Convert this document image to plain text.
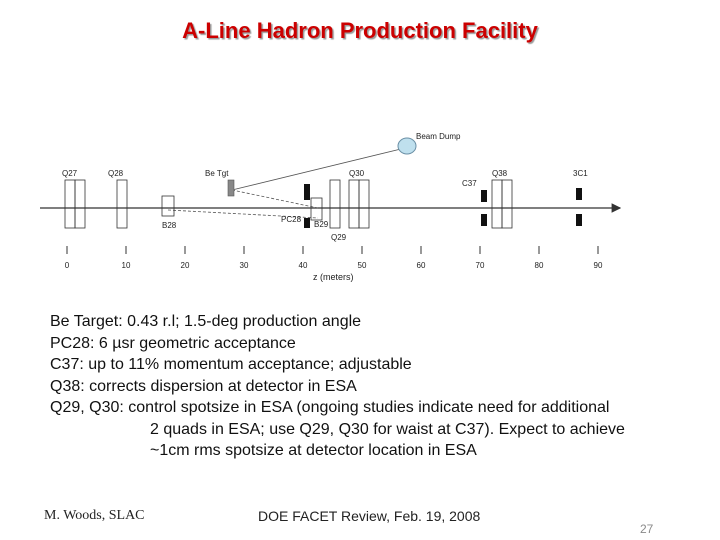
A-Line Hadron Production Facility
Beam Dump
Q27	Q28
B28
Be Tgt
PC28
B29
Q29
Q30
C37
Q38	3C1
0	10	20	30	40	50	60	70	80	90
z (meters)

Be Target: 0.43 r.l; 1.5-deg production angle

PC28: 6 µsr geometric acceptance

C37: up to 11% momentum acceptance; adjustable

Q38: corrects dispersion at detector in ESA

Q29, Q30: control spotsize in ESA (ongoing studies indicate need for additional

2 quads in ESA; use Q29, Q30 for waist at C37). Expect to achieve

~1cm rms spotsize at detector location in ESA

M. Woods, SLAC	DOE FACET Review, Feb. 19, 2008
27
